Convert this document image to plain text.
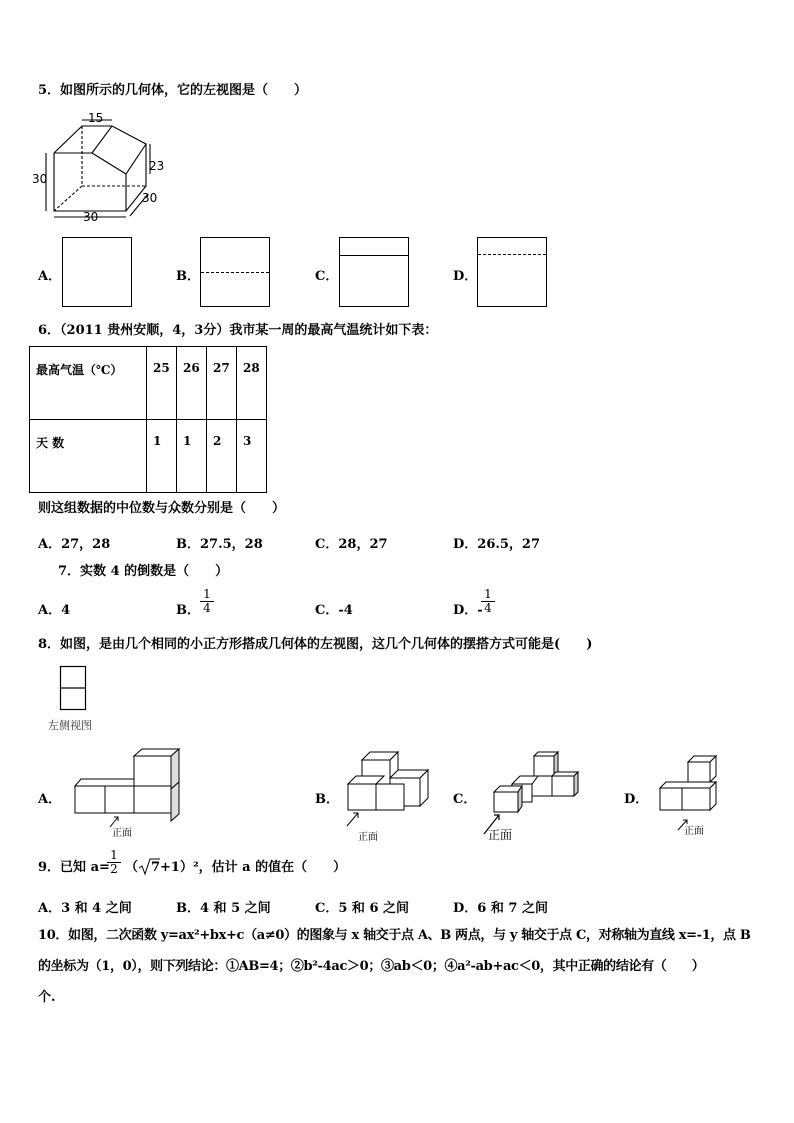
5．如图所示的几何体，它的左视图是（　　）
15
23
30
30
30
A．	B．	C．	D．
6．（2011 贵州安顺，4，3分）我市某一周的最高气温统计如下表：
最高气温（℃）	25	26	27	28
天 数	1	1	2	3
则这组数据的中位数与众数分别是（　　）
A．27，28	B．27.5，28	C．28，27	D．26.5，27
7．实数 4 的倒数是（　　）
A．4	B． $\frac{1}{4}$	C．-4	D．-
$\frac{1}{4}$
8．如图，是由几个相同的小正方形搭成几何体的左视图，这几个几何体的摆搭方式可能是(　　)
左侧视图
A．
正面
B．
正面
C．
正面
D．
正面
9．已知 a=
$\frac{1}{2}$ （ 7 +1）²，估计 a 的值在（　　）
A．3 和 4 之间	B．4 和 5 之间	C．5 和 6 之间	D．6 和 7 之间
10．如图，二次函数 y=ax²+bx+c（a≠0）的图象与 x 轴交于点 A、B 两点，与 y 轴交于点 C，对称轴为直线 x=-1，点 B
的坐标为（1，0），则下列结论：①AB=4；②b²-4ac＞0；③ab＜0；④a²-ab+ac＜0，其中正确的结论有（　　）
个.
